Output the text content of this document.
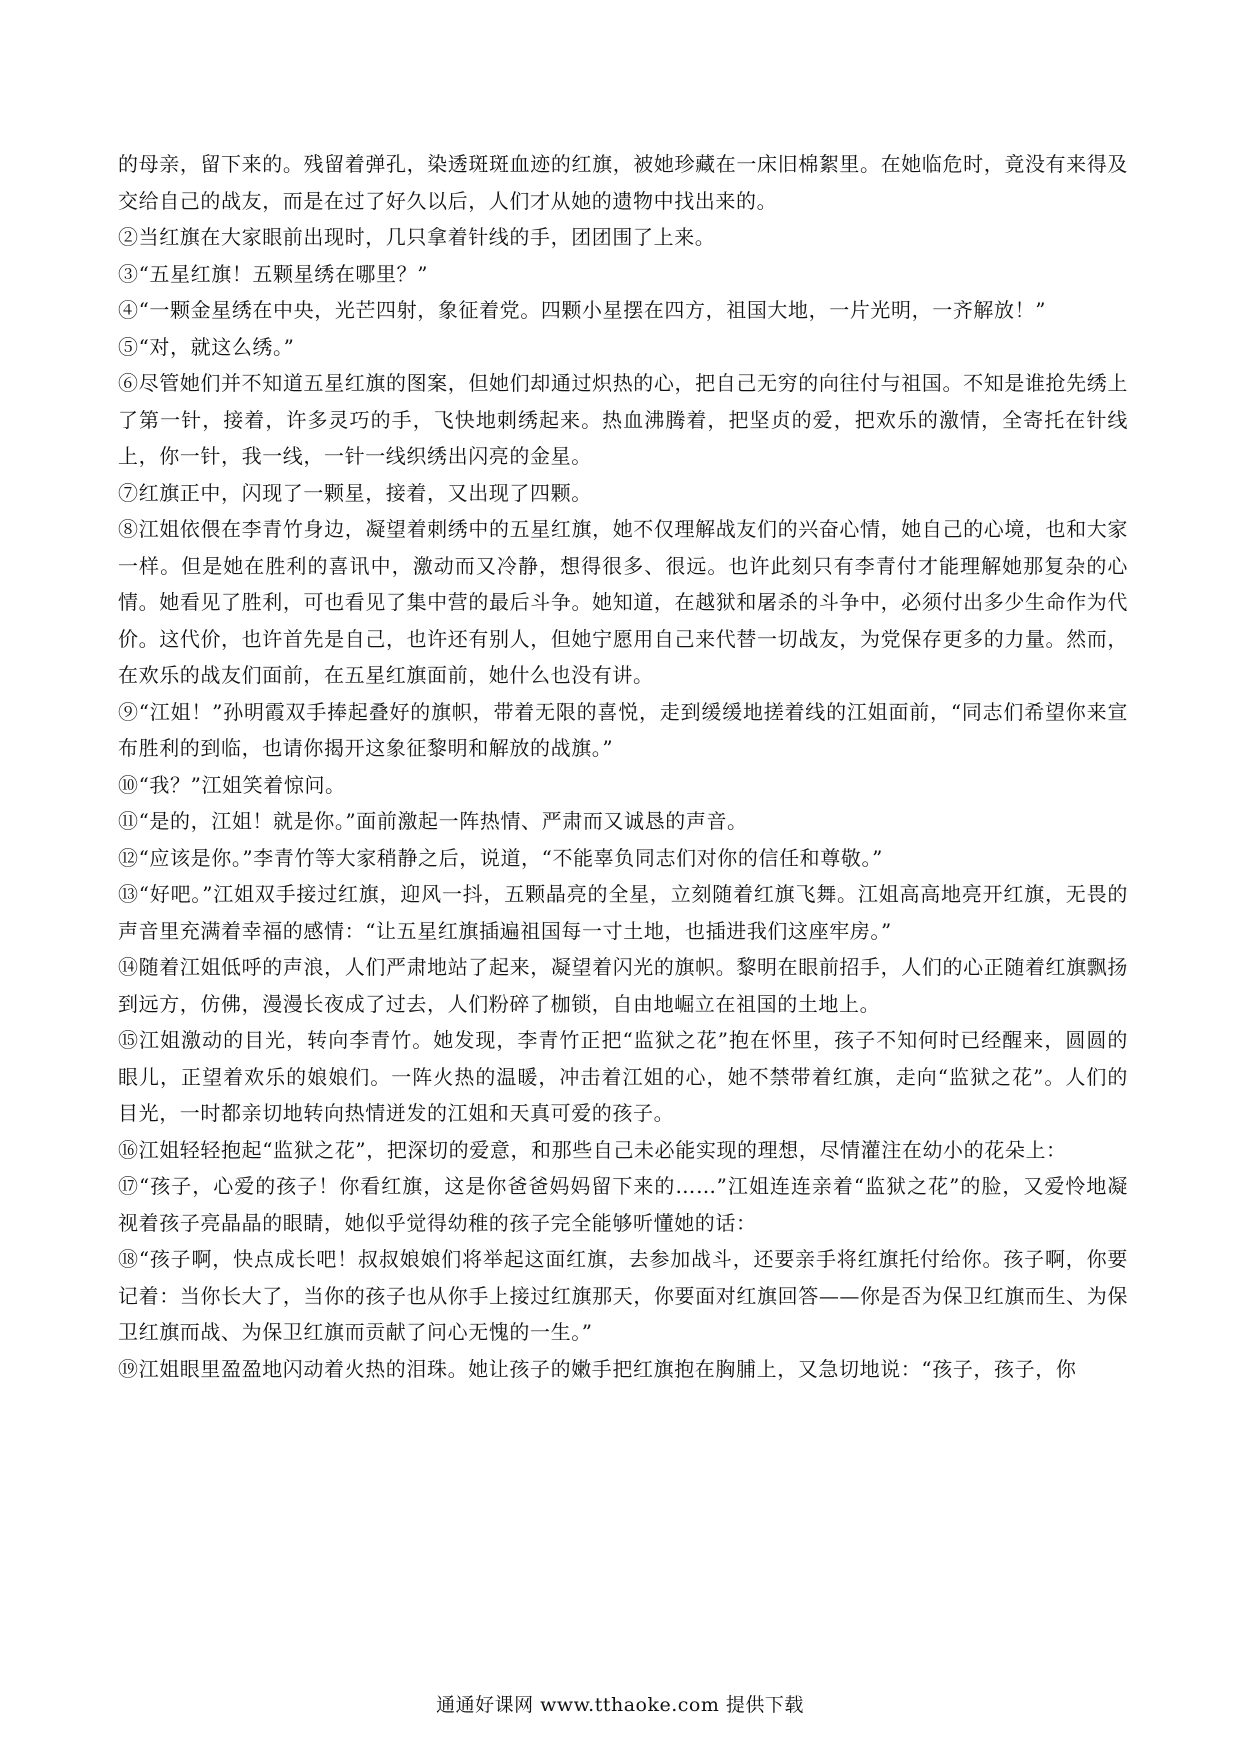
的母亲，留下来的。残留着弹孔，染透斑斑血迹的红旗，被她珍藏在一床旧棉絮里。在她临危时，竟没有来得及交给自己的战友，而是在过了好久以后，人们才从她的遗物中找出来的。

②当红旗在大家眼前出现时，几只拿着针线的手，团团围了上来。

③“五星红旗！五颗星绣在哪里？”

④“一颗金星绣在中央，光芒四射，象征着党。四颗小星摆在四方，祖国大地，一片光明，一齐解放！”

⑤“对，就这么绣。”

⑥尽管她们并不知道五星红旗的图案，但她们却通过炽热的心，把自己无穷的向往付与祖国。不知是谁抢先绣上了第一针，接着，许多灵巧的手，飞快地刺绣起来。热血沸腾着，把坚贞的爱，把欢乐的激情，全寄托在针线上，你一针，我一线，一针一线织绣出闪亮的金星。

⑦红旗正中，闪现了一颗星，接着，又出现了四颗。

⑧江姐依偎在李青竹身边，凝望着刺绣中的五星红旗，她不仅理解战友们的兴奋心情，她自己的心境，也和大家一样。但是她在胜利的喜讯中，激动而又冷静，想得很多、很远。也许此刻只有李青付才能理解她那复杂的心情。她看见了胜利，可也看见了集中营的最后斗争。她知道，在越狱和屠杀的斗争中，必须付出多少生命作为代价。这代价，也许首先是自己，也许还有别人，但她宁愿用自己来代替一切战友，为党保存更多的力量。然而，在欢乐的战友们面前，在五星红旗面前，她什么也没有讲。

⑨“江姐！”孙明霞双手捧起叠好的旗帜，带着无限的喜悦，走到缓缓地搓着线的江姐面前，“同志们希望你来宣布胜利的到临，也请你揭开这象征黎明和解放的战旗。”

⑩“我？”江姐笑着惊问。

⑪“是的，江姐！就是你。”面前激起一阵热情、严肃而又诚恳的声音。

⑫“应该是你。”李青竹等大家稍静之后，说道，“不能辜负同志们对你的信任和尊敬。”

⑬“好吧。”江姐双手接过红旗，迎风一抖，五颗晶亮的全星，立刻随着红旗飞舞。江姐高高地亮开红旗，无畏的声音里充满着幸福的感情：“让五星红旗插遍祖国每一寸土地，也插进我们这座牢房。”

⑭随着江姐低呼的声浪，人们严肃地站了起来，凝望着闪光的旗帜。黎明在眼前招手，人们的心正随着红旗飘扬到远方，仿佛，漫漫长夜成了过去，人们粉碎了枷锁，自由地崛立在祖国的土地上。

⑮江姐激动的目光，转向李青竹。她发现，李青竹正把“监狱之花”抱在怀里，孩子不知何时已经醒来，圆圆的眼儿，正望着欢乐的娘娘们。一阵火热的温暖，冲击着江姐的心，她不禁带着红旗，走向“监狱之花”。人们的目光，一时都亲切地转向热情迸发的江姐和天真可爱的孩子。

⑯江姐轻轻抱起“监狱之花”，把深切的爱意，和那些自己未必能实现的理想，尽情灌注在幼小的花朵上：

⑰“孩子，心爱的孩子！你看红旗，这是你爸爸妈妈留下来的……”江姐连连亲着“监狱之花”的脸，又爱怜地凝视着孩子亮晶晶的眼睛，她似乎觉得幼稚的孩子完全能够听懂她的话：

⑱“孩子啊，快点成长吧！叔叔娘娘们将举起这面红旗，去参加战斗，还要亲手将红旗托付给你。孩子啊，你要记着：当你长大了，当你的孩子也从你手上接过红旗那天，你要面对红旗回答——你是否为保卫红旗而生、为保卫红旗而战、为保卫红旗而贡献了问心无愧的一生。”

⑲江姐眼里盈盈地闪动着火热的泪珠。她让孩子的嫩手把红旗抱在胸脯上，又急切地说：“孩子，孩子，你

通通好课网 www.tthaoke.com 提供下载
